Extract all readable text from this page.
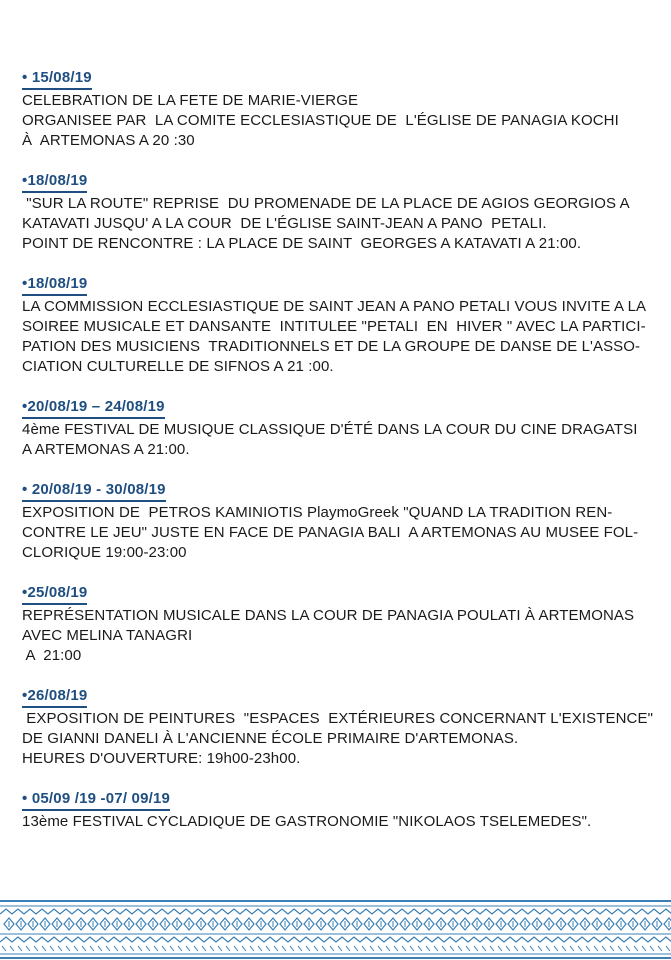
• 15/08/19
CELEBRATION DE LA FETE DE MARIE-VIERGE
ORGANISEE PAR  LA COMITE ECCLESIASTIQUE DE  L'ÉGLISE DE PANAGIA KOCHI
À  ARTEMONAS A 20 :30
•18/08/19
"SUR LA ROUTE" REPRISE  DU PROMENADE DE LA PLACE DE AGIOS GEORGIOS A
KATAVATI JUSQU' A LA COUR  DE L'ÉGLISE SAINT-JEAN A PANO  PETALI.
POINT DE RENCONTRE : LA PLACE DE SAINT  GEORGES A KATAVATI A 21:00.
•18/08/19
LA COMMISSION ECCLESIASTIQUE DE SAINT JEAN A PANO PETALI VOUS INVITE A LA
SOIREE MUSICALE ET DANSANTE  INTITULEE "PETALI  EN  HIVER " AVEC LA PARTICI-
PATION DES MUSICIENS  TRADITIONNELS ET DE LA GROUPE DE DANSE DE L'ASSO-
CIATION CULTURELLE DE SIFNOS A 21 :00.
•20/08/19 – 24/08/19
4ème FESTIVAL DE MUSIQUE CLASSIQUE D'ÉTÉ DANS LA COUR DU CINE DRAGATSI
A ARTEMONAS A 21:00.
• 20/08/19 - 30/08/19
EXPOSITION DE  PETROS KAMINIOTIS PlaymoGreek "QUAND LA TRADITION REN-
CONTRE LE JEU" JUSTE EN FACE DE PANAGIA BALI  A ARTEMONAS AU MUSEE FOL-
CLORIQUE 19:00-23:00
•25/08/19
REPRÉSENTATION MUSICALE DANS LA COUR DE PANAGIA POULATI À ARTEMONAS
AVEC MELINA TANAGRI
A  21:00
•26/08/19
EXPOSITION DE PEINTURES  "ESPACES  EXTÉRIEURES CONCERNANT L'EXISTENCE"
DE GIANNI DANELI À L'ANCIENNE ÉCOLE PRIMAIRE D'ARTEMONAS.
HEURES D'OUVERTURE: 19h00-23h00.
• 05/09 /19 -07/ 09/19
13ème FESTIVAL CYCLADIQUE DE GASTRONOMIE "NIKOLAOS TSELEMEDES".
